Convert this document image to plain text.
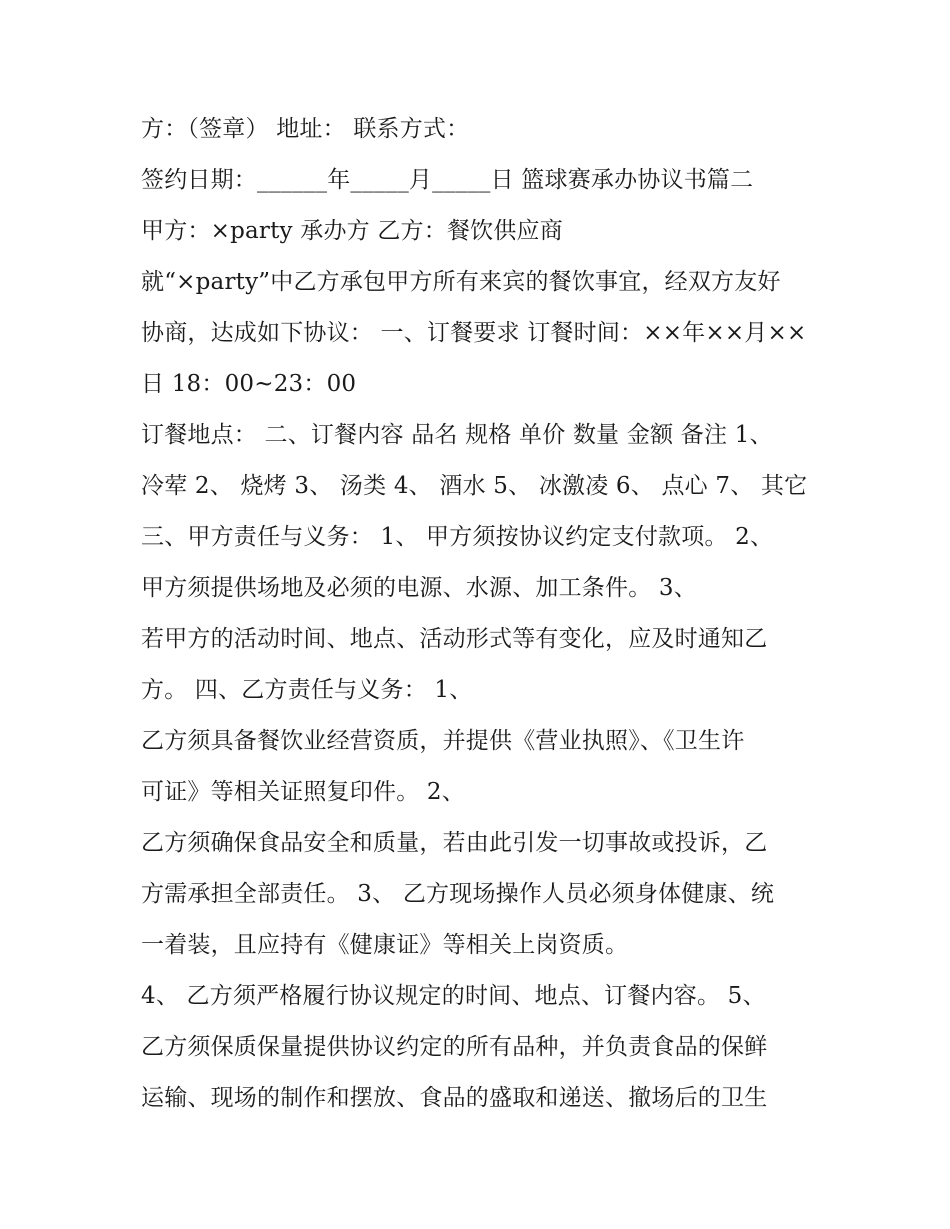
方：（签章） 地址： 联系方式：
签约日期：______年_____月_____日 篮球赛承办协议书篇二
甲方：×party 承办方 乙方：餐饮供应商
就“×party”中乙方承包甲方所有来宾的餐饮事宜，经双方友好
协商，达成如下协议： 一、订餐要求 订餐时间：××年××月××
日 18：00~23：00
订餐地点： 二、订餐内容 品名 规格 单价 数量 金额 备注 1、
冷荤 2、 烧烤 3、 汤类 4、 酒水 5、 冰激凌 6、 点心 7、 其它
三、甲方责任与义务： 1、 甲方须按协议约定支付款项。 2、
甲方须提供场地及必须的电源、水源、加工条件。 3、
若甲方的活动时间、地点、活动形式等有变化，应及时通知乙
方。 四、乙方责任与义务： 1、
乙方须具备餐饮业经营资质，并提供《营业执照》、《卫生许
可证》等相关证照复印件。 2、
乙方须确保食品安全和质量，若由此引发一切事故或投诉，乙
方需承担全部责任。 3、 乙方现场操作人员必须身体健康、统
一着装，且应持有《健康证》等相关上岗资质。
4、 乙方须严格履行协议规定的时间、地点、订餐内容。 5、
乙方须保质保量提供协议约定的所有品种，并负责食品的保鲜
运输、现场的制作和摆放、食品的盛取和递送、撤场后的卫生
